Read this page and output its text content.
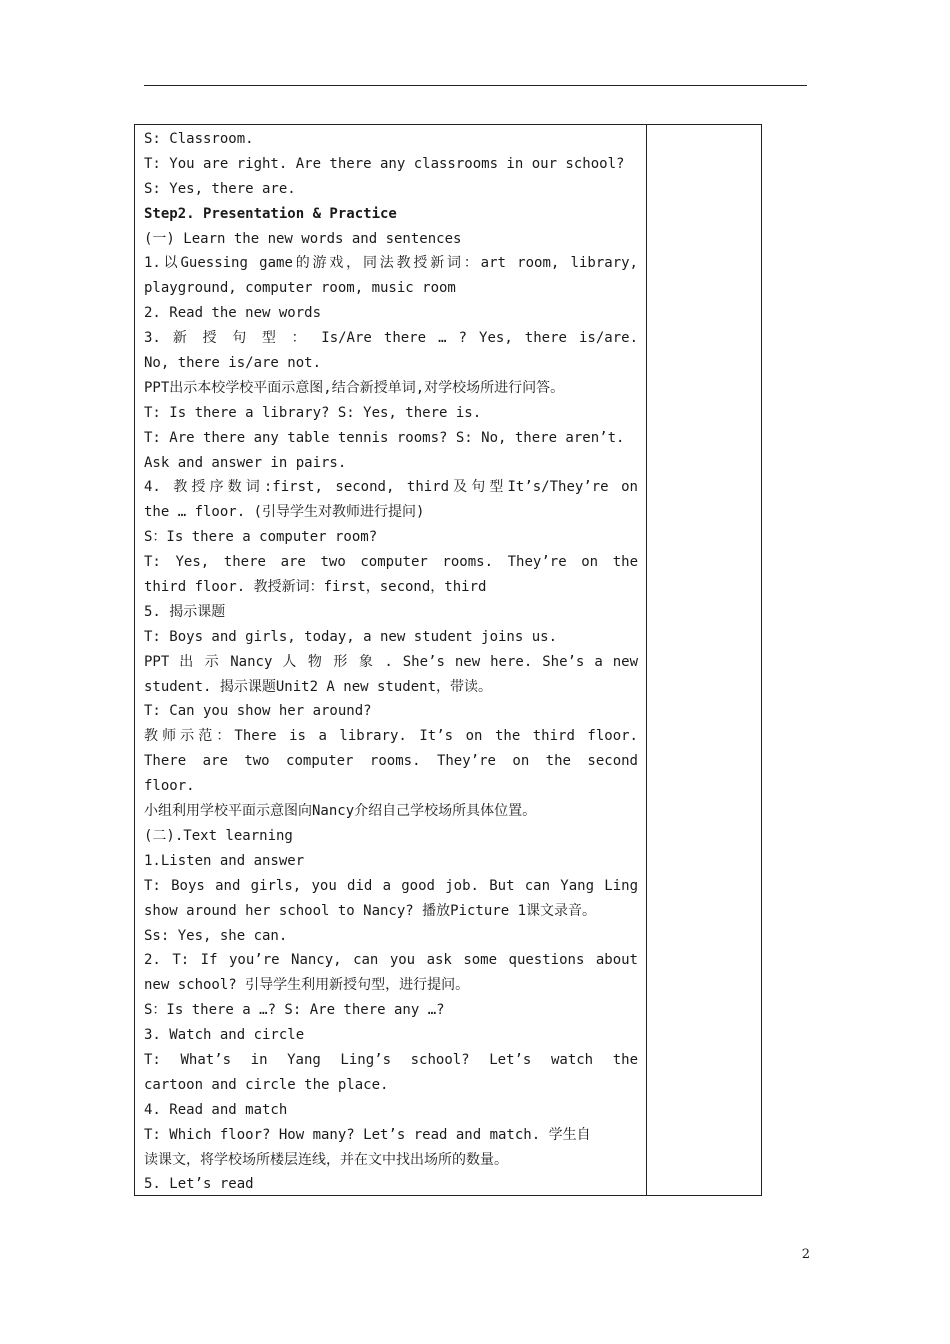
S: Classroom.
T: You are right. Are there any classrooms in our school?
S: Yes, there are.
Step2. Presentation & Practice
(一) Learn the new words and sentences
1.以Guessing game的游戏，同法教授新词：art room, library,
playground, computer room, music room
2. Read the new words
3. 新 授 句 型 ： Is/Are there … ? Yes, there is/are.
No, there is/are not.
PPT出示本校学校平面示意图,结合新授单词,对学校场所进行问答。
T: Is there a library? S: Yes, there is.
T: Are there any table tennis rooms? S: No, there aren’t.
Ask and answer in pairs.
4. 教授序数词:first, second, third及句型It’s/They’re on
the … floor. (引导学生对教师进行提问)
S：Is there a computer room?
T: Yes, there are two computer rooms. They’re on the
third floor. 教授新词：first，second，third
5. 揭示课题
T: Boys and girls, today, a new student joins us.
PPT 出 示 Nancy 人 物 形 象 . She’s new here. She’s a new
student. 揭示课题Unit2 A new student，带读。
T: Can you show her around?
教师示范：There is a library. It’s on the third floor.
There are two computer rooms. They’re on the second
floor.
小组利用学校平面示意图向Nancy介绍自己学校场所具体位置。
(二).Text learning
1.Listen and answer
T: Boys and girls, you did a good job. But can Yang Ling
show around her school to Nancy? 播放Picture 1课文录音。
Ss: Yes, she can.
2. T: If you’re Nancy, can you ask some questions about
new school? 引导学生利用新授句型，进行提问。
S：Is there a …? S: Are there any …?
3. Watch and circle
T: What’s in Yang Ling’s school? Let’s watch the
cartoon and circle the place.
4. Read and match
T: Which floor? How many? Let’s read and match. 学生自
读课文，将学校场所楼层连线，并在文中找出场所的数量。
5. Let’s read
2
